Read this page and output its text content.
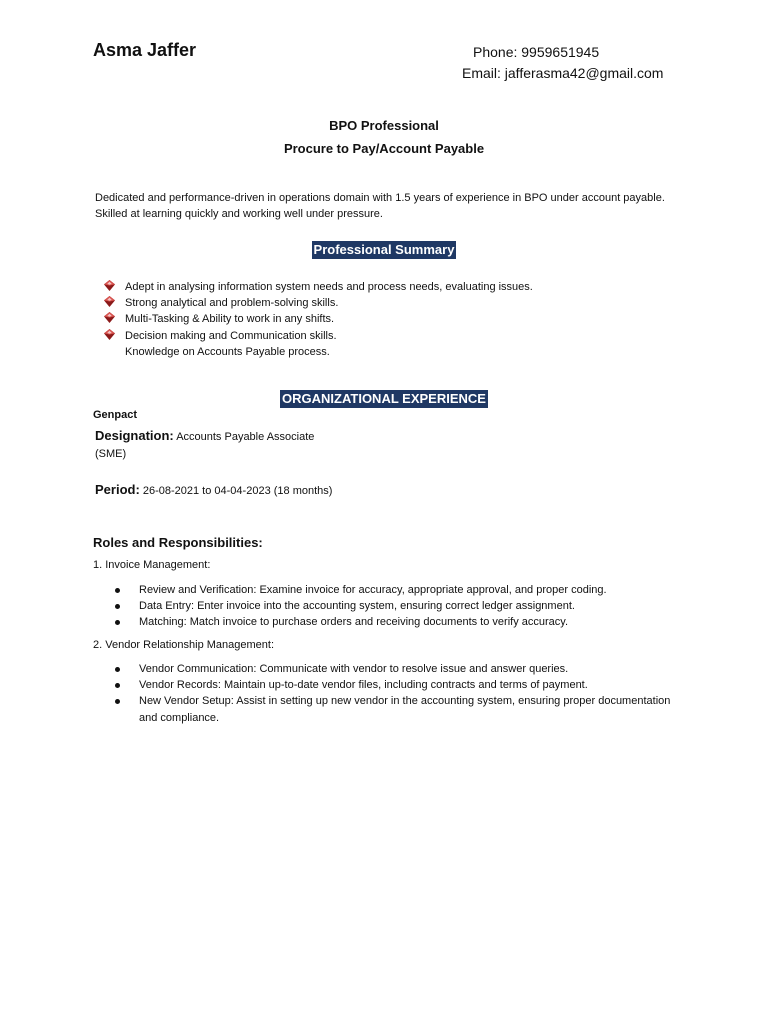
Asma Jaffer	Phone: 9959651945
Email: jafferasma42@gmail.com
BPO Professional
Procure to Pay/Account Payable
Dedicated and performance-driven in operations domain with 1.5 years of experience in BPO under account payable. Skilled at learning quickly and working well under pressure.
Professional Summary
Adept in analysing information system needs and process needs, evaluating issues.
Strong analytical and problem-solving skills.
Multi-Tasking & Ability to work in any shifts.
Decision making and Communication skills.
Knowledge on Accounts Payable process.
ORGANIZATIONAL EXPERIENCE
Genpact
Designation: Accounts Payable Associate (SME)
Period: 26-08-2021 to 04-04-2023 (18 months)
Roles and Responsibilities:
1. Invoice Management:
Review and Verification: Examine invoice for accuracy, appropriate approval, and proper coding.
Data Entry: Enter invoice into the accounting system, ensuring correct ledger assignment.
Matching: Match invoice to purchase orders and receiving documents to verify accuracy.
2. Vendor Relationship Management:
Vendor Communication: Communicate with vendor to resolve issue and answer queries.
Vendor Records: Maintain up-to-date vendor files, including contracts and terms of payment.
New Vendor Setup: Assist in setting up new vendor in the accounting system, ensuring proper documentation and compliance.
